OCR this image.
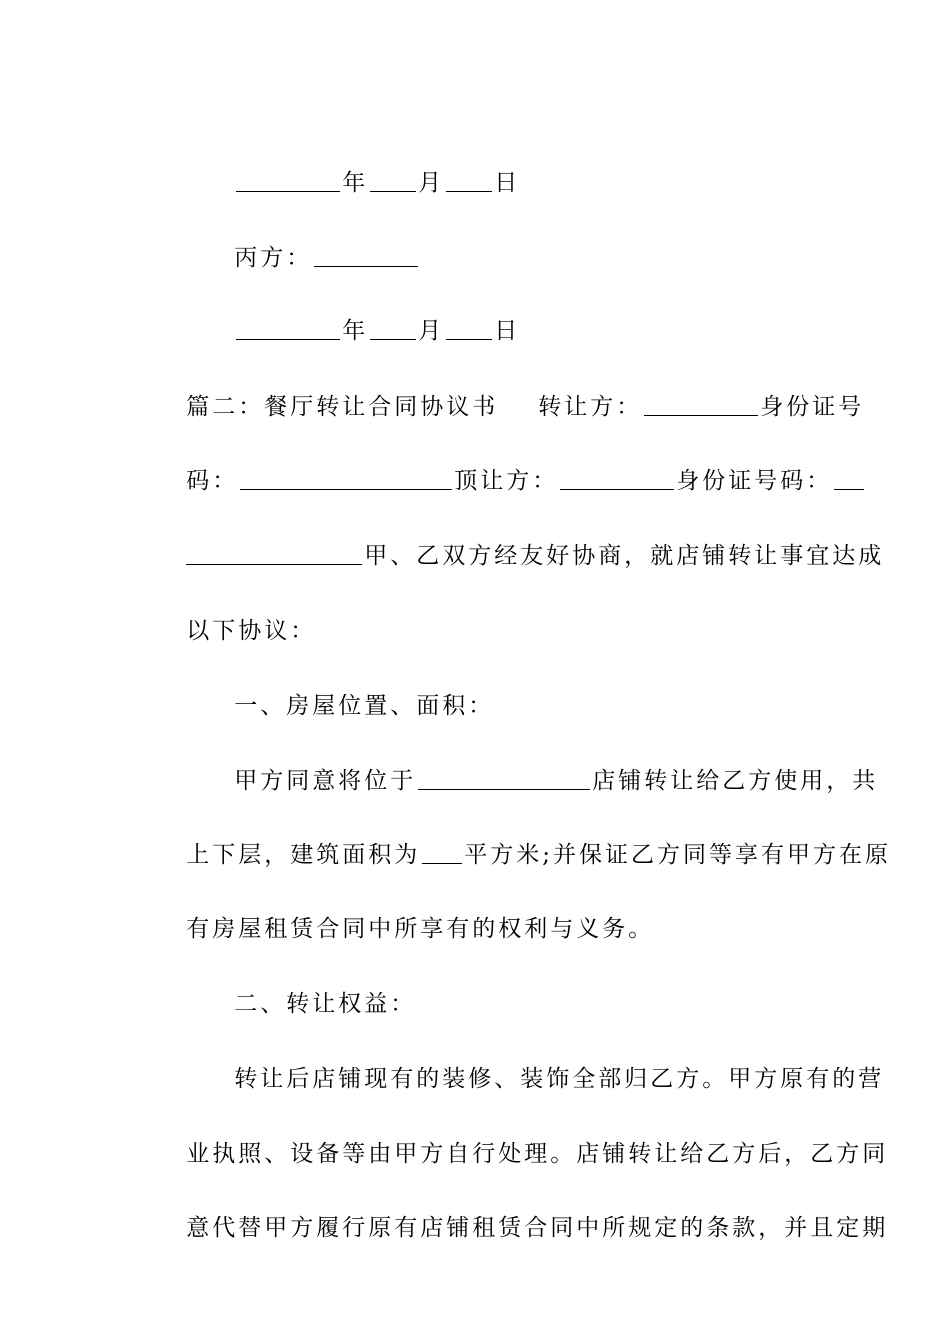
年 月 日

丙方：

年 月 日

篇二：餐厅转让合同协议书 转让方：	身份证号

码：	顶让方：	身份证号码：

甲、乙双方经友好协商，就店铺转让事宜达成

以下协议：

一、房屋位置、面积：

甲方同意将位于	店铺转让给乙方使用，共

上下层，建筑面积为 平方米;并保证乙方同等享有甲方在原

有房屋租赁合同中所享有的权利与义务。

二、转让权益：

转让后店铺现有的装修、装饰全部归乙方。甲方原有的营

业执照、设备等由甲方自行处理。店铺转让给乙方后，乙方同

意代替甲方履行原有店铺租赁合同中所规定的条款，并且定期
